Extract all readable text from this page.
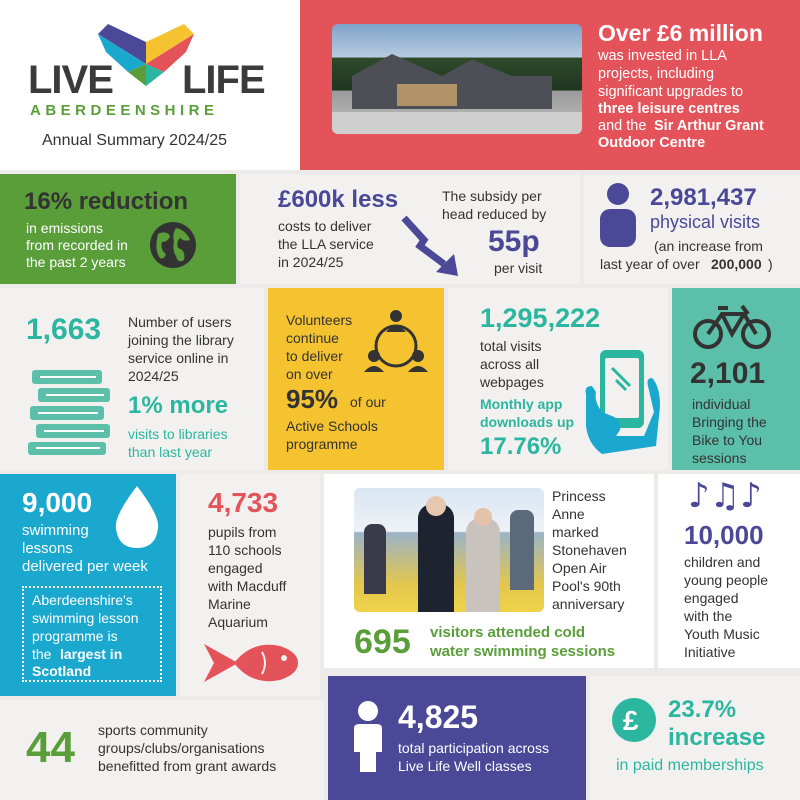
LIVE LIFE
ABERDEENSHIRE
Annual Summary 2024/25
Over £6 million
was invested in LLA
projects, including
significant upgrades to
three leisure centres
and the Sir Arthur Grant
Outdoor Centre
16% reduction
in emissions
from recorded in
the past 2 years
£600k less
costs to deliver
the LLA service
in 2024/25
The subsidy per
head reduced by
55p
per visit
2,981,437
physical visits
(an increase from
last year of over 200,000 )
1,663 Number of users
joining the library
service online in
2024/25
1% more
visits to libraries
than last year
Volunteers
continue
to deliver
on over
95% of our
Active Schools
programme
1,295,222
total visits
across all
webpages
Monthly app
downloads up
17.76%
2,101
individual
Bringing the
Bike to You
sessions
9,000
swimming
lessons
delivered per week
Aberdeenshire's
swimming lesson
programme is
the largest in
Scotland
4,733
pupils from
110 schools
engaged
with Macduff
Marine
Aquarium
Princess
Anne
marked
Stonehaven
Open Air
Pool's 90th
anniversary
695 visitors attended cold
water swimming sessions
♪♫♪
10,000
children and
young people
engaged
with the
Youth Music
Initiative
44 sports community
groups/clubs/organisations
benefitted from grant awards
4,825
total participation across
Live Life Well classes
£ 23.7%
increase
in paid memberships
